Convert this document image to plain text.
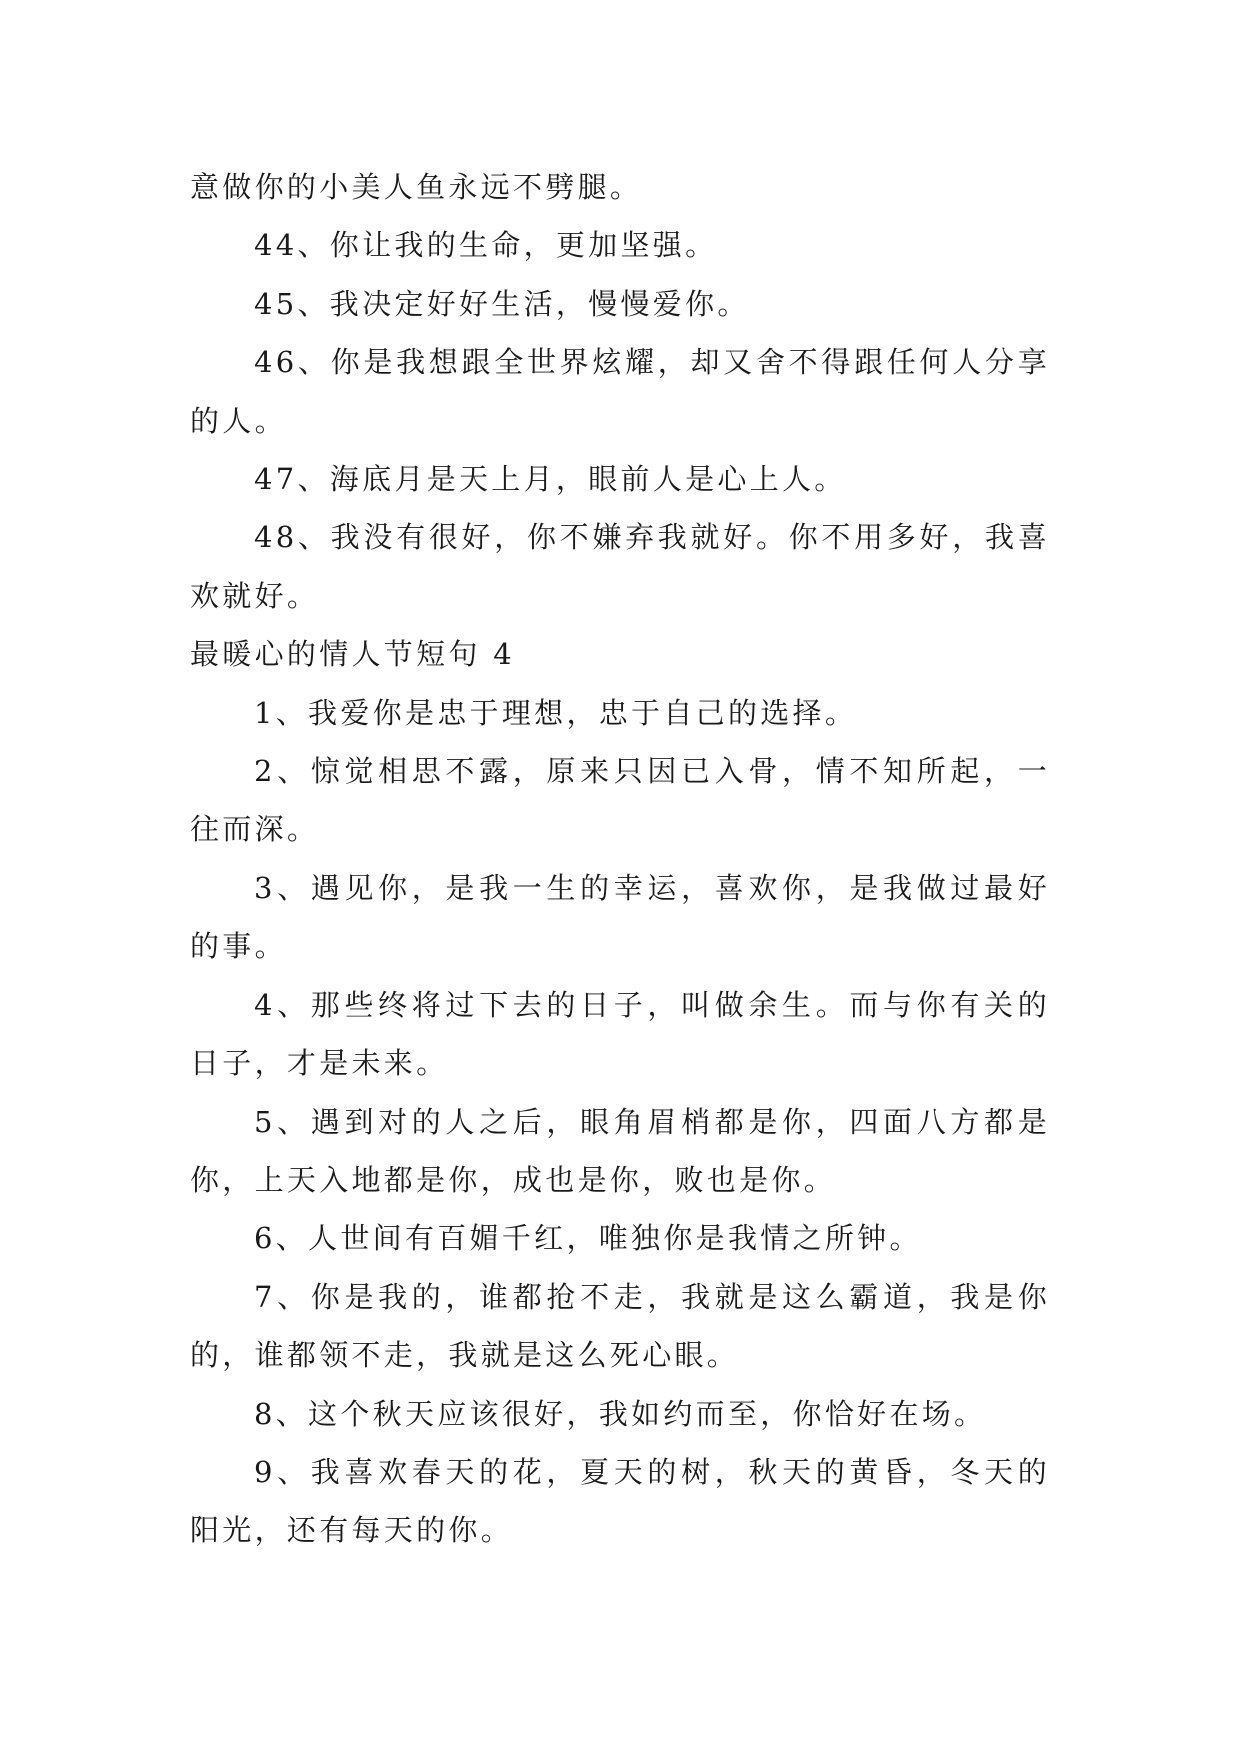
意做你的小美人鱼永远不劈腿。

44、你让我的生命，更加坚强。

45、我决定好好生活，慢慢爱你。

46、你是我想跟全世界炫耀，却又舍不得跟任何人分享的人。

47、海底月是天上月，眼前人是心上人。

48、我没有很好，你不嫌弃我就好。你不用多好，我喜欢就好。

最暖心的情人节短句 4

1、我爱你是忠于理想，忠于自己的选择。

2、惊觉相思不露，原来只因已入骨，情不知所起，一往而深。

3、遇见你，是我一生的幸运，喜欢你，是我做过最好的事。

4、那些终将过下去的日子，叫做余生。而与你有关的日子，才是未来。

5、遇到对的人之后，眼角眉梢都是你，四面八方都是你，上天入地都是你，成也是你，败也是你。

6、人世间有百媚千红，唯独你是我情之所钟。

7、你是我的，谁都抢不走，我就是这么霸道，我是你的，谁都领不走，我就是这么死心眼。

8、这个秋天应该很好，我如约而至，你恰好在场。

9、我喜欢春天的花，夏天的树，秋天的黄昏，冬天的阳光，还有每天的你。
